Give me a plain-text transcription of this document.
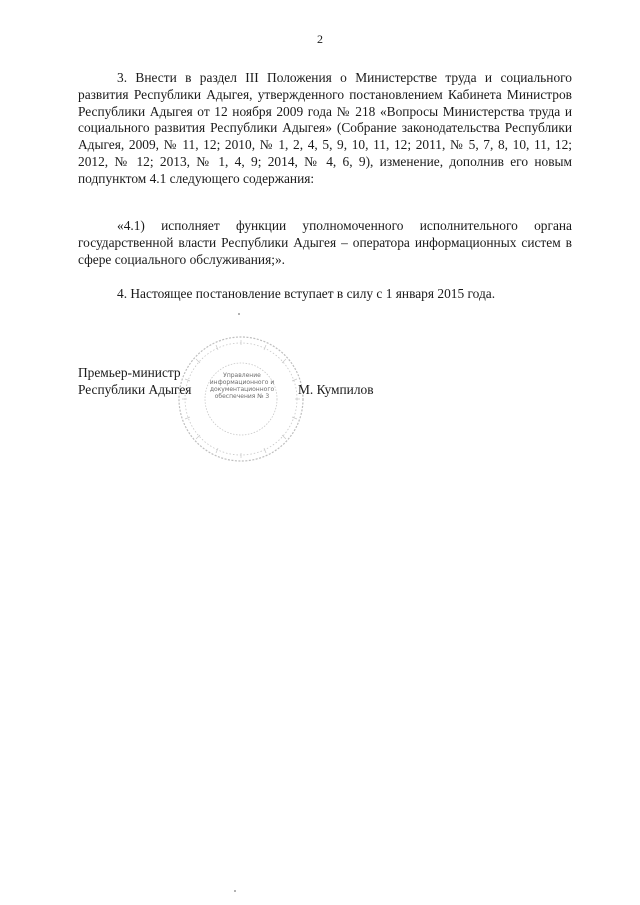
2

3. Внести в раздел III Положения о Министерстве труда и социального развития Республики Адыгея, утвержденного постановлением Кабинета Министров Республики Адыгея от 12 ноября 2009 года № 218 «Вопросы Министерства труда и социального развития Республики Адыгея» (Собрание законодательства Республики Адыгея, 2009, № 11, 12; 2010, № 1, 2, 4, 5, 9, 10, 11, 12; 2011, № 5, 7, 8, 10, 11, 12; 2012, № 12; 2013, № 1, 4, 9; 2014, № 4, 6, 9), изменение, дополнив его новым подпунктом 4.1 следующего содержания:

«4.1) исполняет функции уполномоченного исполнительного органа государственной власти Республики Адыгея – оператора информационных систем в сфере социального обслуживания;».

4. Настоящее постановление вступает в силу с 1 января 2015 года.

Управление информационного и документационного обеспечения № 3
Премьер-министр
Республики Адыгея	М. Кумпилов
